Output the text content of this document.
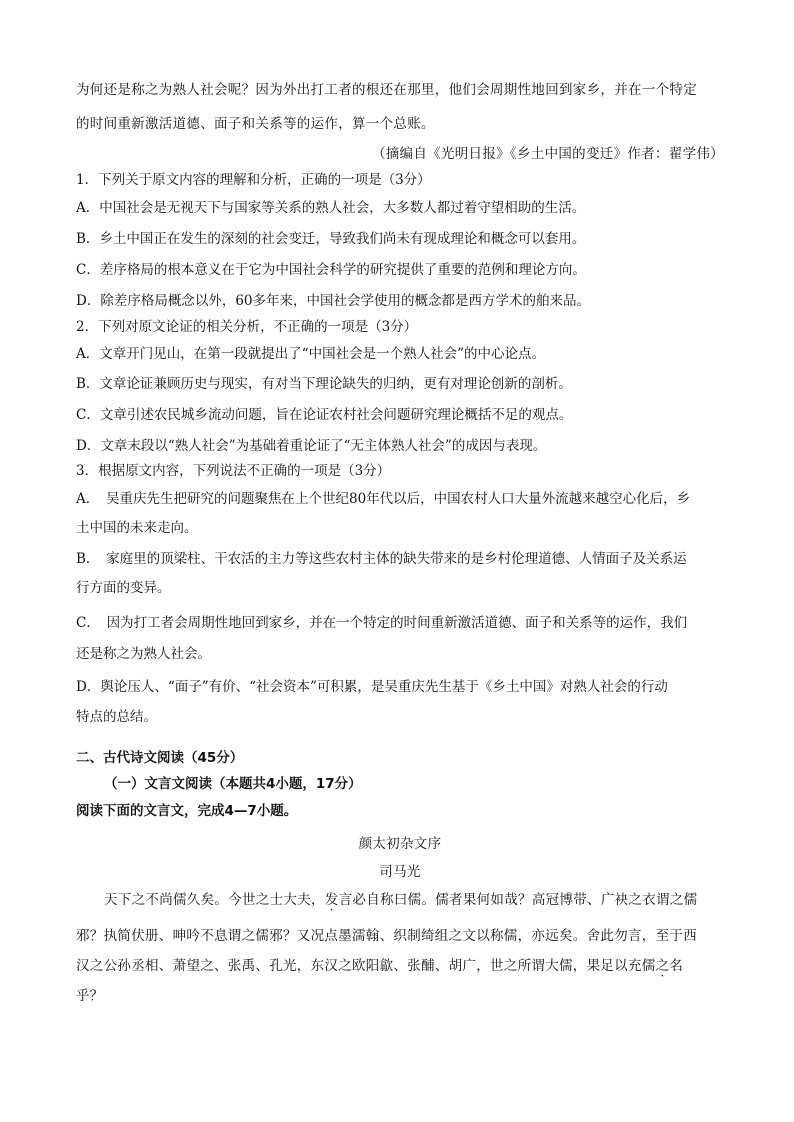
为何还是称之为熟人社会呢？因为外出打工者的根还在那里，他们会周期性地回到家乡，并在一个特定
的时间重新激活道德、面子和关系等的运作，算一个总账。
（摘编自《光明日报》《乡土中国的变迁》作者：翟学伟）
1．下列关于原文内容的理解和分析，正确的一项是（3分）
A．中国社会是无视天下与国家等关系的熟人社会，大多数人都过着守望相助的生活。
B．乡土中国正在发生的深刻的社会变迁，导致我们尚未有现成理论和概念可以套用。
C．差序格局的根本意义在于它为中国社会科学的研究提供了重要的范例和理论方向。
D．除差序格局概念以外，60多年来，中国社会学使用的概念都是西方学术的舶来品。
2．下列对原文论证的相关分析，不正确的一项是（3分）
A．文章开门见山，在第一段就提出了“中国社会是一个熟人社会”的中心论点。
B．文章论证兼顾历史与现实，有对当下理论缺失的归纳，更有对理论创新的剖析。
C．文章引述农民城乡流动问题，旨在论证农村社会问题研究理论概括不足的观点。
D．文章末段以“熟人社会”为基础着重论证了“无主体熟人社会”的成因与表现。
3．根据原文内容，下列说法不正确的一项是（3分）
A．　吴重庆先生把研究的问题聚焦在上个世纪80年代以后，中国农村人口大量外流越来越空心化后，乡
土中国的未来走向。
B．　家庭里的顶梁柱、干农活的主力等这些农村主体的缺失带来的是乡村伦理道德、人情面子及关系运
行方面的变异。
C．　因为打工者会周期性地回到家乡，并在一个特定的时间重新激活道德、面子和关系等的运作，我们
还是称之为熟人社会。
D．舆论压人、“面子”有价、“社会资本”可积累，是吴重庆先生基于《乡土中国》对熟人社会的行动
特点的总结。
二、古代诗文阅读（45分）
（一）文言文阅读（本题共4小题，17分）
阅读下面的文言文，完成4—7小题。
颜太初杂文序
司马光
天下之不尚儒久矣。今世之士大夫，发言必自称曰儒。儒者果何如哉？高冠博带、广袂之衣谓之儒
邪？执简伏册、呻吟不息谓之儒邪？又况点墨濡翰、织制绮组之文以称儒，亦远矣。舍此勿言，至于西
汉之公孙丞相、萧望之、张禹、孔光，东汉之欧阳歙、张酺、胡广，世之所谓大儒，果足以充儒之名
乎？
